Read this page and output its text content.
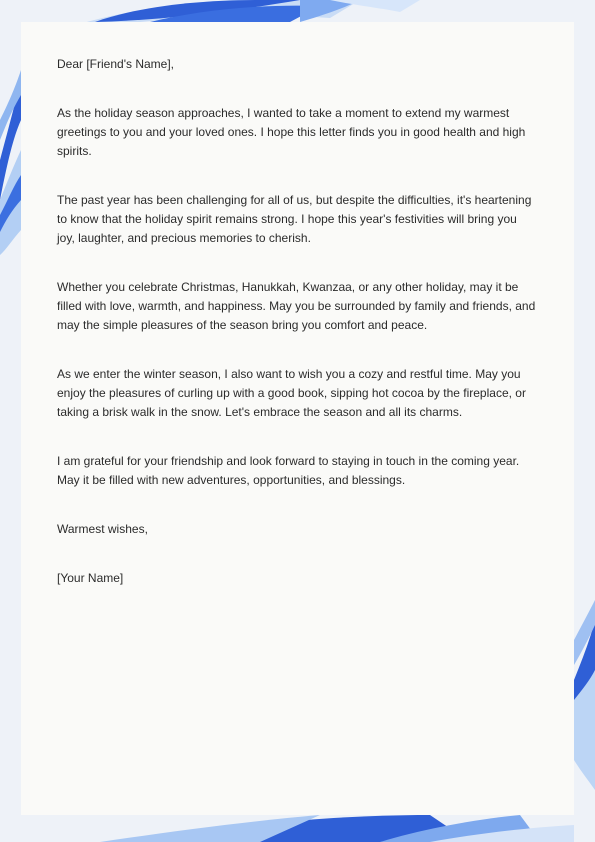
Dear [Friend's Name],

As the holiday season approaches, I wanted to take a moment to extend my warmest greetings to you and your loved ones. I hope this letter finds you in good health and high spirits.

The past year has been challenging for all of us, but despite the difficulties, it's heartening to know that the holiday spirit remains strong. I hope this year's festivities will bring you joy, laughter, and precious memories to cherish.

Whether you celebrate Christmas, Hanukkah, Kwanzaa, or any other holiday, may it be filled with love, warmth, and happiness. May you be surrounded by family and friends, and may the simple pleasures of the season bring you comfort and peace.

As we enter the winter season, I also want to wish you a cozy and restful time. May you enjoy the pleasures of curling up with a good book, sipping hot cocoa by the fireplace, or taking a brisk walk in the snow. Let's embrace the season and all its charms.

I am grateful for your friendship and look forward to staying in touch in the coming year. May it be filled with new adventures, opportunities, and blessings.

Warmest wishes,

[Your Name]
